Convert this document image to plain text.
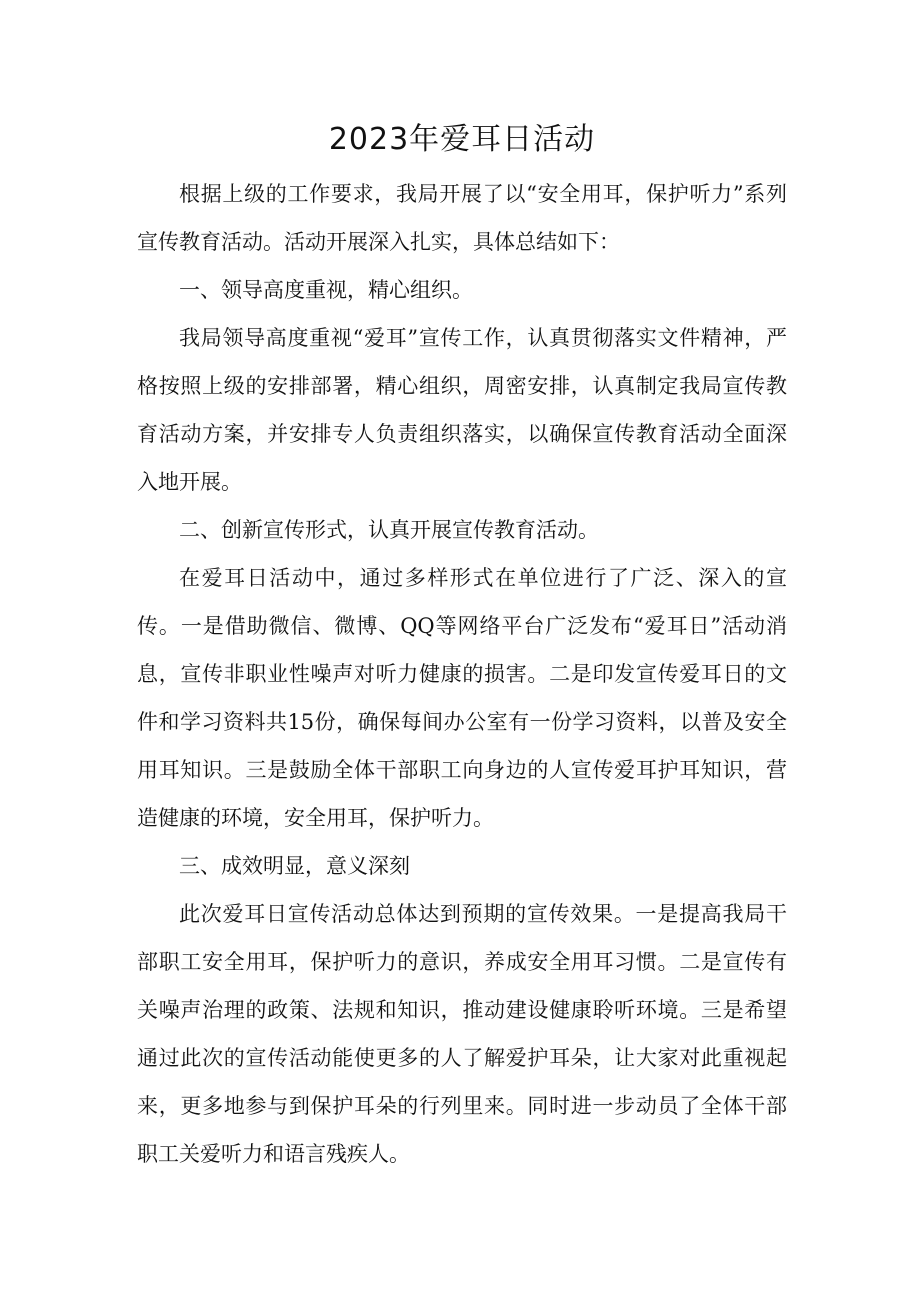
2023年爱耳日活动

根据上级的工作要求，我局开展了以“安全用耳，保护听力”系列宣传教育活动。活动开展深入扎实，具体总结如下：

一、领导高度重视，精心组织。

我局领导高度重视“爱耳”宣传工作，认真贯彻落实文件精神，严格按照上级的安排部署，精心组织，周密安排，认真制定我局宣传教育活动方案，并安排专人负责组织落实，以确保宣传教育活动全面深入地开展。

二、创新宣传形式，认真开展宣传教育活动。

在爱耳日活动中，通过多样形式在单位进行了广泛、深入的宣传。一是借助微信、微博、QQ等网络平台广泛发布“爱耳日”活动消息，宣传非职业性噪声对听力健康的损害。二是印发宣传爱耳日的文件和学习资料共15份，确保每间办公室有一份学习资料，以普及安全用耳知识。三是鼓励全体干部职工向身边的人宣传爱耳护耳知识，营造健康的环境，安全用耳，保护听力。

三、成效明显，意义深刻

此次爱耳日宣传活动总体达到预期的宣传效果。一是提高我局干部职工安全用耳，保护听力的意识，养成安全用耳习惯。二是宣传有关噪声治理的政策、法规和知识，推动建设健康聆听环境。三是希望通过此次的宣传活动能使更多的人了解爱护耳朵，让大家对此重视起来，更多地参与到保护耳朵的行列里来。同时进一步动员了全体干部职工关爱听力和语言残疾人。
